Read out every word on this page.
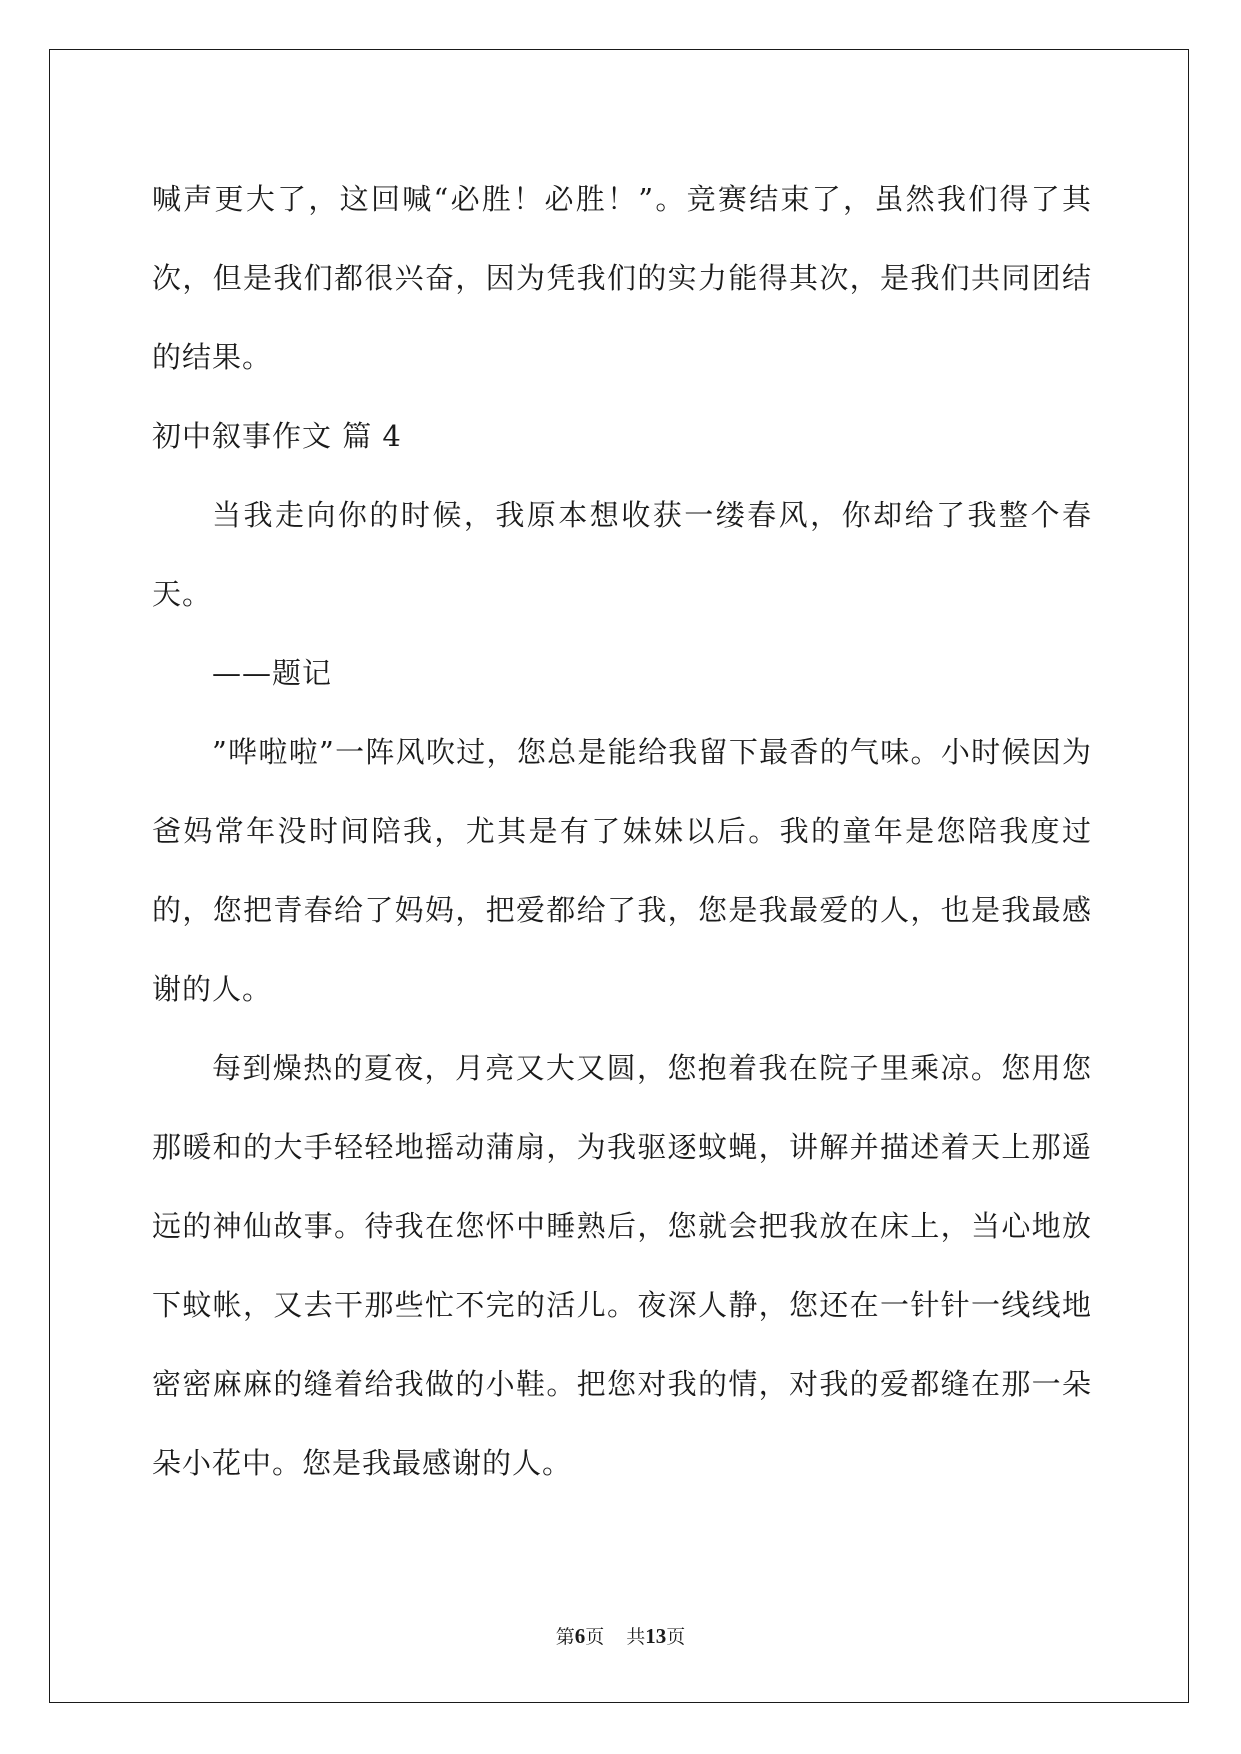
喊声更大了，这回喊“必胜！必胜！”。竞赛结束了，虽然我们得了其次，但是我们都很兴奋，因为凭我们的实力能得其次，是我们共同团结的结果。

初中叙事作文 篇 4

当我走向你的时候，我原本想收获一缕春风，你却给了我整个春天。

——题记

”哗啦啦”一阵风吹过，您总是能给我留下最香的气味。小时候因为爸妈常年没时间陪我，尤其是有了妹妹以后。我的童年是您陪我度过的，您把青春给了妈妈，把爱都给了我，您是我最爱的人，也是我最感谢的人。

每到燥热的夏夜，月亮又大又圆，您抱着我在院子里乘凉。您用您那暖和的大手轻轻地摇动蒲扇，为我驱逐蚊蝇，讲解并描述着天上那遥远的神仙故事。待我在您怀中睡熟后，您就会把我放在床上，当心地放下蚊帐，又去干那些忙不完的活儿。夜深人静，您还在一针针一线线地密密麻麻的缝着给我做的小鞋。把您对我的情，对我的爱都缝在那一朵朵小花中。您是我最感谢的人。

第6页 共13页
